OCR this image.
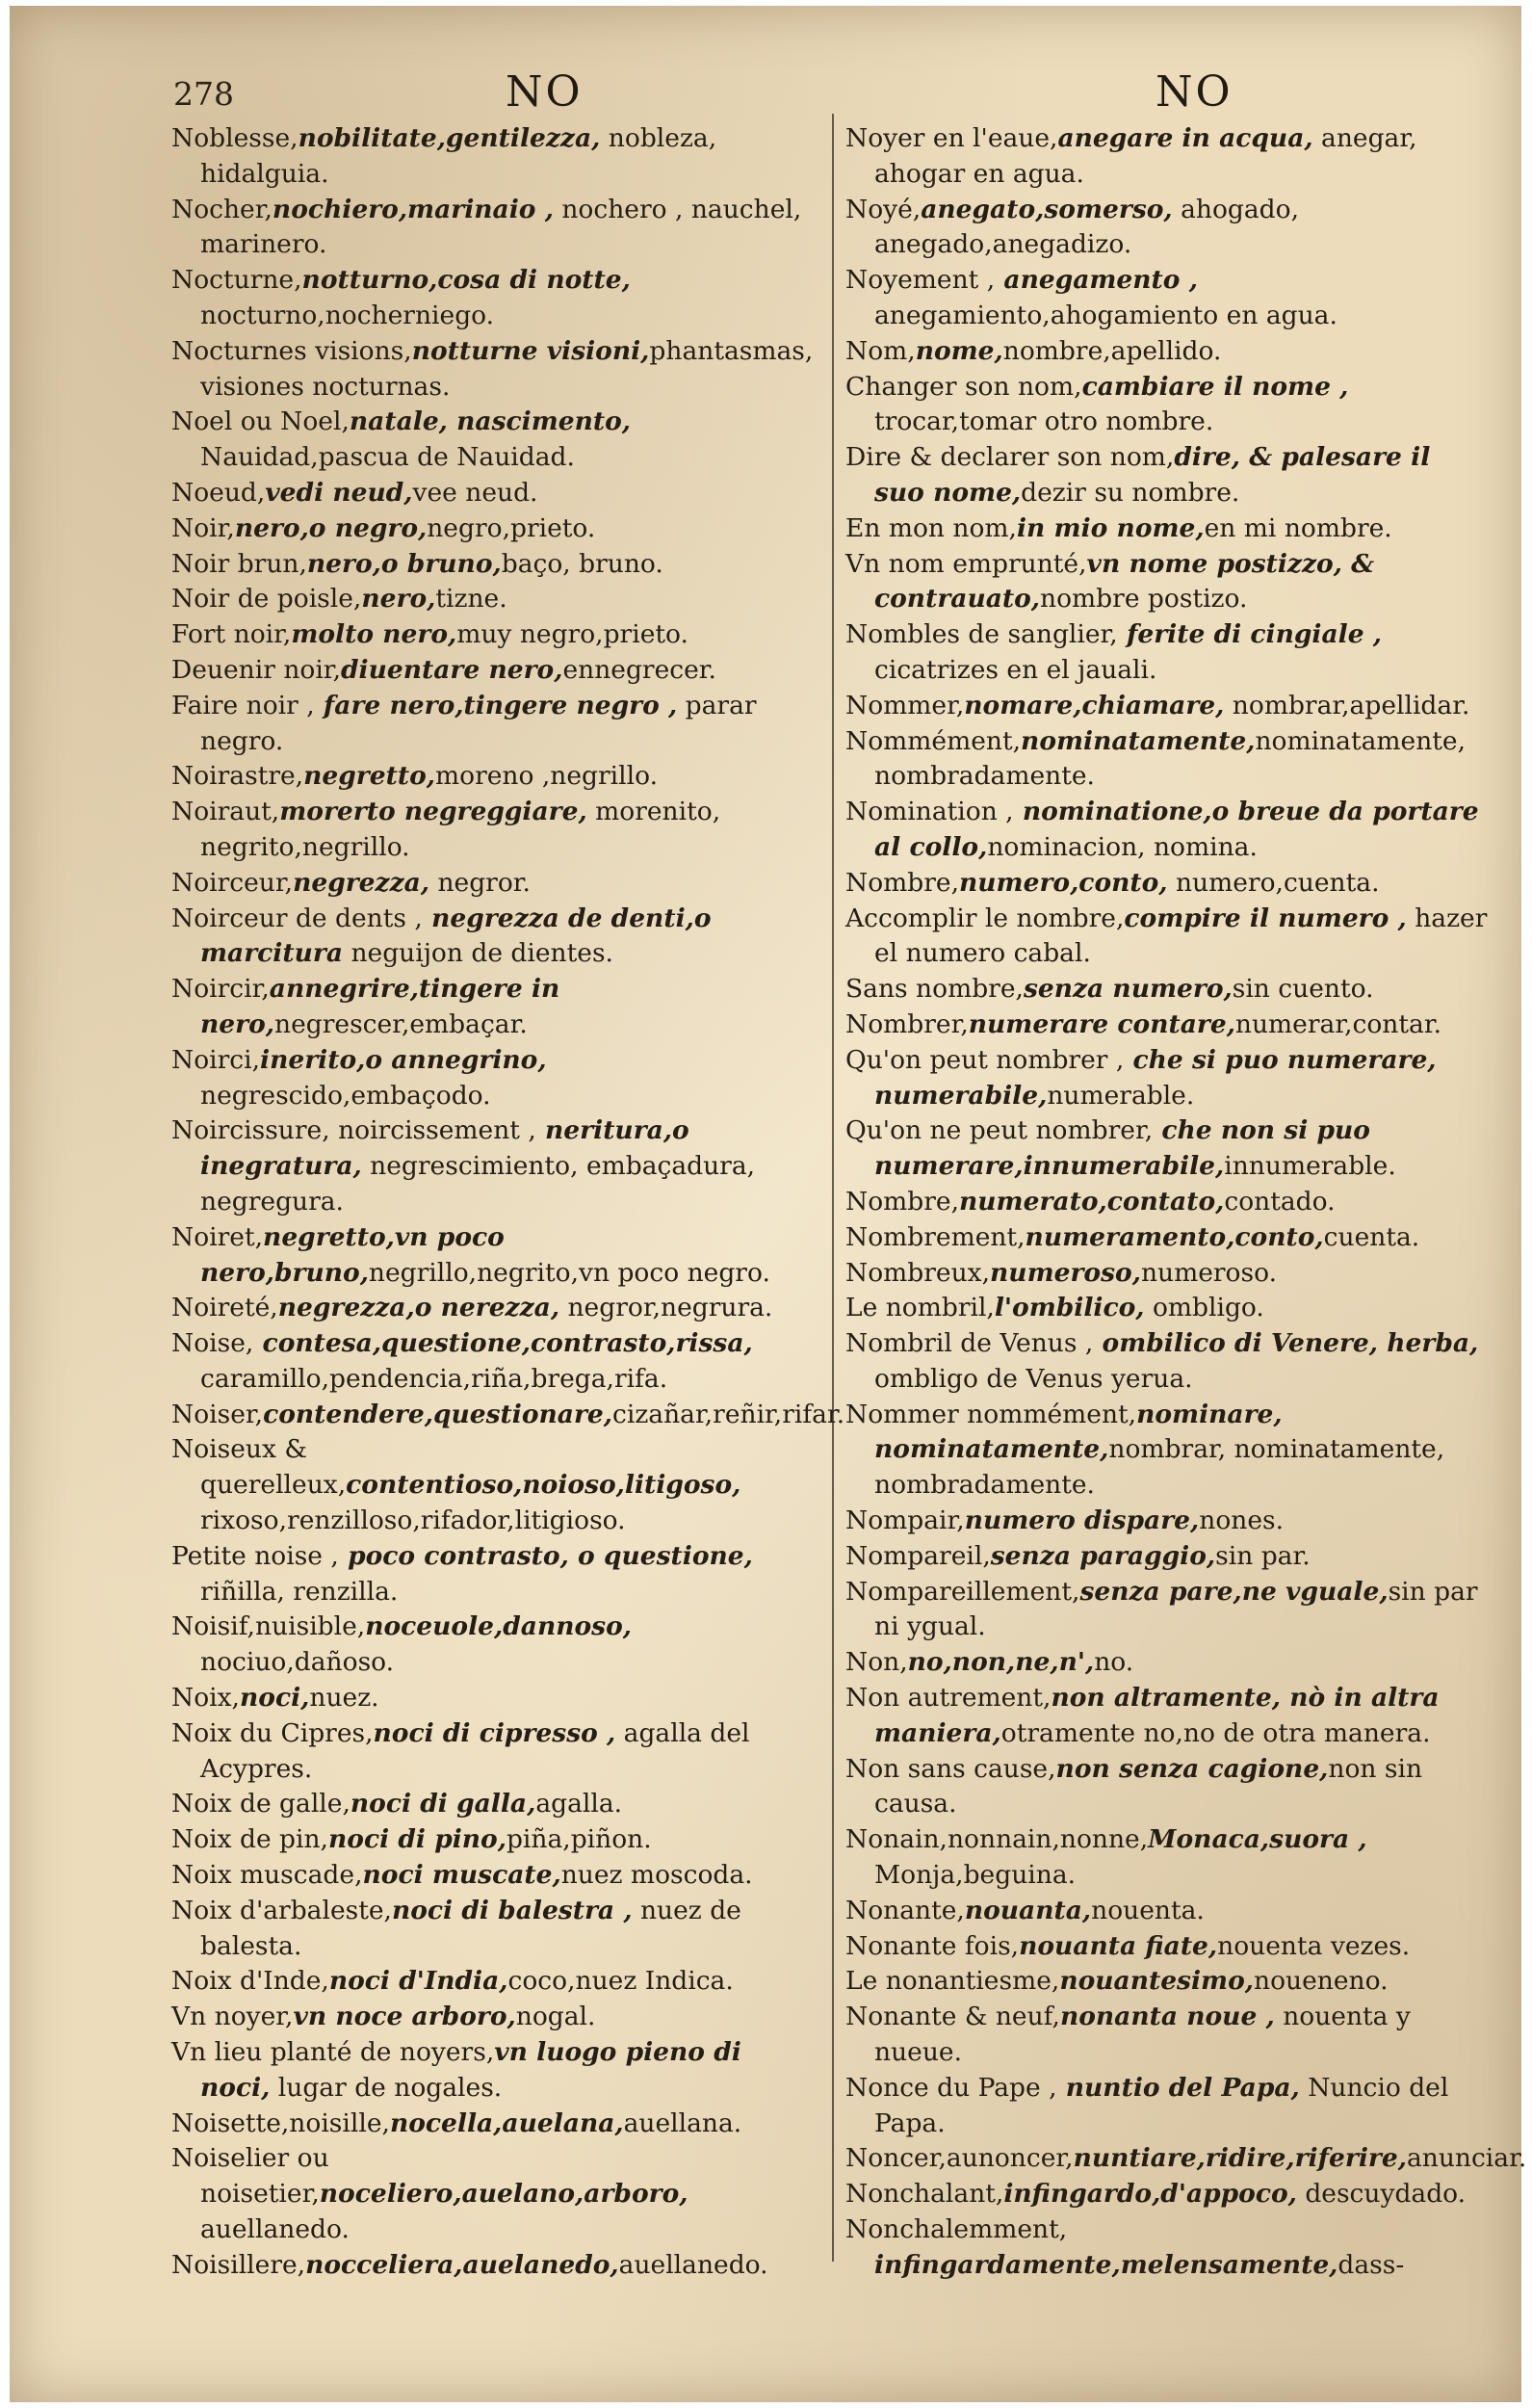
278	NO	NO

Noblesse,nobilitate,gentilezza, nobleza, hidalguia.

Nocher,nochiero,marinaio , nochero , nauchel, marinero.

Nocturne,notturno,cosa di notte, nocturno,nocherniego.

Nocturnes visions,notturne visioni,phantasmas, visiones nocturnas.

Noel ou Noel,natale, nascimento, Nauidad,pascua de Nauidad.

Noeud,vedi neud,vee neud.

Noir,nero,o negro,negro,prieto.

Noir brun,nero,o bruno,baço, bruno.

Noir de poisle,nero,tizne.

Fort noir,molto nero,muy negro,prieto.

Deuenir noir,diuentare nero,ennegrecer.

Faire noir , fare nero,tingere negro , parar negro.

Noirastre,negretto,moreno ,negrillo.

Noiraut,morerto negreggiare, morenito, negrito,negrillo.

Noirceur,negrezza, negror.

Noirceur de dents , negrezza de denti,o marcitura neguijon de dientes.

Noircir,annegrire,tingere in nero,negrescer,embaçar.

Noirci,inerito,o annegrino, negrescido,embaçodo.

Noircissure, noircissement , neritura,o inegratura, negrescimiento, embaçadura, negregura.

Noiret,negretto,vn poco nero,bruno,negrillo,negrito,vn poco negro.

Noireté,negrezza,o nerezza, negror,negrura.

Noise, contesa,questione,contrasto,rissa, caramillo,pendencia,riña,brega,rifa.

Noiser,contendere,questionare,cizañar,reñir,rifar.

Noiseux & querelleux,contentioso,noioso,litigoso, rixoso,renzilloso,rifador,litigioso.

Petite noise , poco contrasto, o questione, riñilla, renzilla.

Noisif,nuisible,noceuole,dannoso, nociuo,dañoso.

Noix,noci,nuez.

Noix du Cipres,noci di cipresso , agalla del Acypres.

Noix de galle,noci di galla,agalla.

Noix de pin,noci di pino,piña,piñon.

Noix muscade,noci muscate,nuez moscoda.

Noix d'arbaleste,noci di balestra , nuez de balesta.

Noix d'Inde,noci d'India,coco,nuez Indica.

Vn noyer,vn noce arboro,nogal.

Vn lieu planté de noyers,vn luogo pieno di noci, lugar de nogales.

Noisette,noisille,nocella,auelana,auellana.

Noiselier ou noisetier,noceliero,auelano,arboro, auellanedo.

Noisillere,nocceliera,auelanedo,auellanedo.

Noyer en l'eaue,anegare in acqua, anegar, ahogar en agua.

Noyé,anegato,somerso, ahogado, anegado,anegadizo.

Noyement , anegamento , anegamiento,ahogamiento en agua.

Nom,nome,nombre,apellido.

Changer son nom,cambiare il nome , trocar,tomar otro nombre.

Dire & declarer son nom,dire, & palesare il suo nome,dezir su nombre.

En mon nom,in mio nome,en mi nombre.

Vn nom emprunté,vn nome postizzo, & contrauato,nombre postizo.

Nombles de sanglier, ferite di cingiale , cicatrizes en el jauali.

Nommer,nomare,chiamare, nombrar,apellidar.

Nommément,nominatamente,nominatamente, nombradamente.

Nomination , nominatione,o breue da portare al collo,nominacion, nomina.

Nombre,numero,conto, numero,cuenta.

Accomplir le nombre,compire il numero , hazer el numero cabal.

Sans nombre,senza numero,sin cuento.

Nombrer,numerare contare,numerar,contar.

Qu'on peut nombrer , che si puo numerare, numerabile,numerable.

Qu'on ne peut nombrer, che non si puo numerare,innumerabile,innumerable.

Nombre,numerato,contato,contado.

Nombrement,numeramento,conto,cuenta.

Nombreux,numeroso,numeroso.

Le nombril,l'ombilico, ombligo.

Nombril de Venus , ombilico di Venere, herba, ombligo de Venus yerua.

Nommer nommément,nominare, nominatamente,nombrar, nominatamente, nombradamente.

Nompair,numero dispare,nones.

Nompareil,senza paraggio,sin par.

Nompareillement,senza pare,ne vguale,sin par ni ygual.

Non,no,non,ne,n',no.

Non autrement,non altramente, nò in altra maniera,otramente no,no de otra manera.

Non sans cause,non senza cagione,non sin causa.

Nonain,nonnain,nonne,Monaca,suora , Monja,beguina.

Nonante,nouanta,nouenta.

Nonante fois,nouanta fiate,nouenta vezes.

Le nonantiesme,nouantesimo,noueneno.

Nonante & neuf,nonanta noue , nouenta y nueue.

Nonce du Pape , nuntio del Papa, Nuncio del Papa.

Noncer,aunoncer,nuntiare,ridire,riferire,anunciar.

Nonchalant,infingardo,d'appoco, descuydado.

Nonchalemment, infingardamente,melensamente,dass-
